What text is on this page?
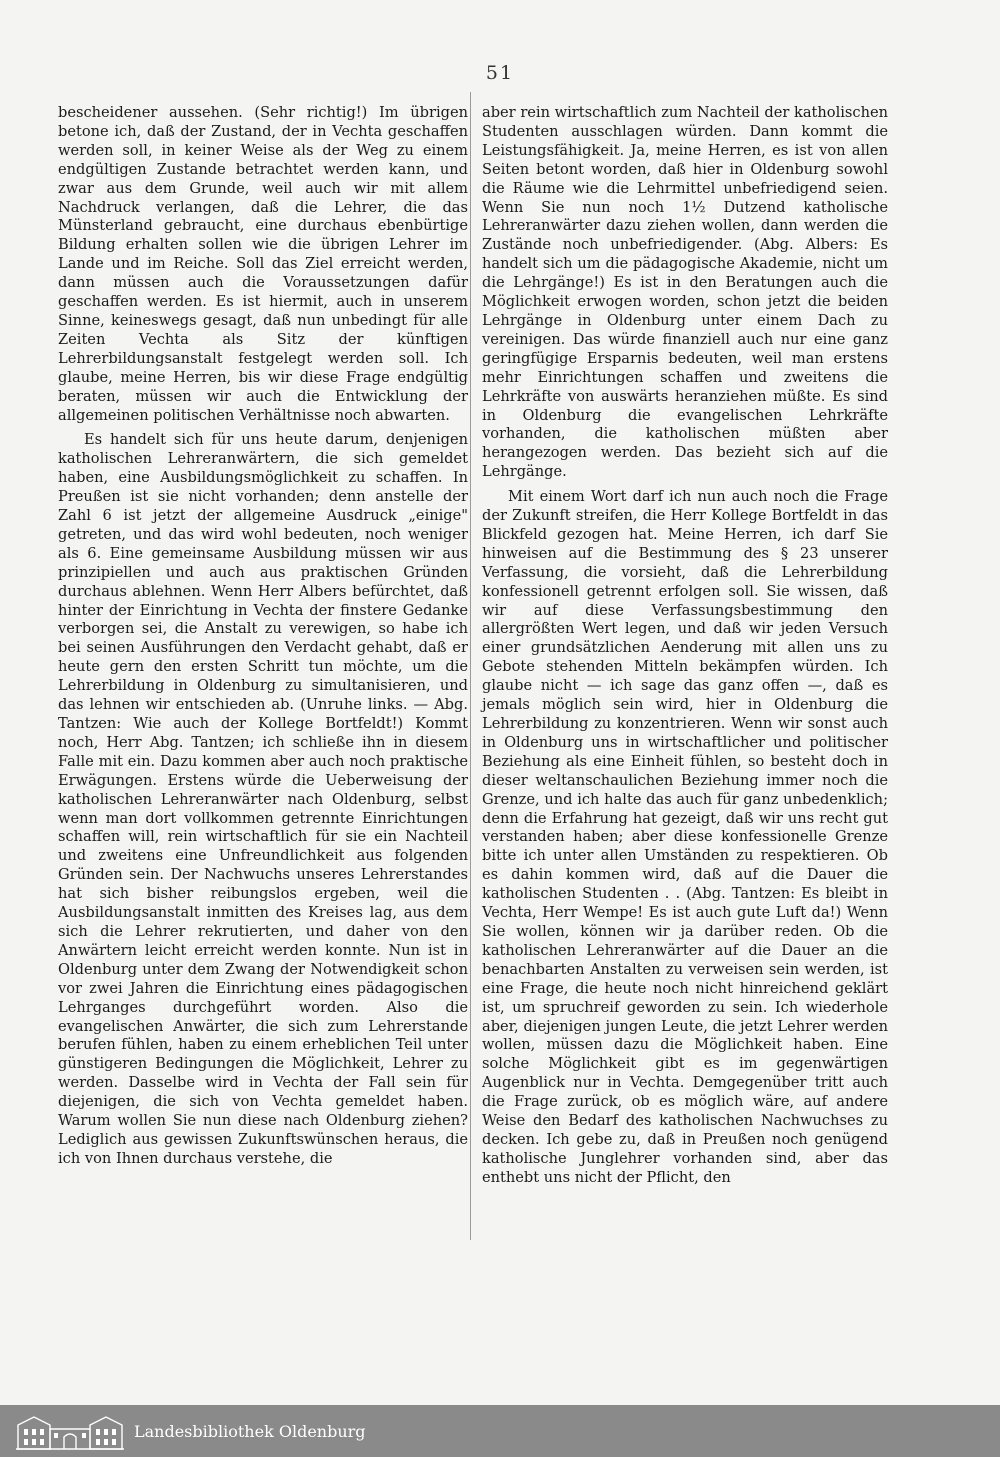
51

bescheidener aussehen. (Sehr richtig!) Im übrigen betone ich, daß der Zustand, der in Vechta geschaffen werden soll, in keiner Weise als der Weg zu einem endgültigen Zustande betrachtet werden kann, und zwar aus dem Grunde, weil auch wir mit allem Nachdruck verlangen, daß die Lehrer, die das Münsterland gebraucht, eine durchaus ebenbürtige Bildung erhalten sollen wie die übrigen Lehrer im Lande und im Reiche. Soll das Ziel erreicht werden, dann müssen auch die Voraussetzungen dafür geschaffen werden. Es ist hiermit, auch in unserem Sinne, keineswegs gesagt, daß nun unbedingt für alle Zeiten Vechta als Sitz der künftigen Lehrerbildungsanstalt festgelegt werden soll. Ich glaube, meine Herren, bis wir diese Frage endgültig beraten, müssen wir auch die Entwicklung der allgemeinen politischen Verhältnisse noch abwarten.

Es handelt sich für uns heute darum, denjenigen katholischen Lehreranwärtern, die sich gemeldet haben, eine Ausbildungsmöglichkeit zu schaffen. In Preußen ist sie nicht vorhanden; denn anstelle der Zahl 6 ist jetzt der allgemeine Ausdruck „einige" getreten, und das wird wohl bedeuten, noch weniger als 6. Eine gemeinsame Ausbildung müssen wir aus prinzipiellen und auch aus praktischen Gründen durchaus ablehnen. Wenn Herr Albers befürchtet, daß hinter der Einrichtung in Vechta der finstere Gedanke verborgen sei, die Anstalt zu verewigen, so habe ich bei seinen Ausführungen den Verdacht gehabt, daß er heute gern den ersten Schritt tun möchte, um die Lehrerbildung in Oldenburg zu simultanisieren, und das lehnen wir entschieden ab. (Unruhe links. — Abg. Tantzen: Wie auch der Kollege Bortfeldt!) Kommt noch, Herr Abg. Tantzen; ich schließe ihn in diesem Falle mit ein. Dazu kommen aber auch noch praktische Erwägungen. Erstens würde die Ueberweisung der katholischen Lehreranwärter nach Oldenburg, selbst wenn man dort vollkommen getrennte Einrichtungen schaffen will, rein wirtschaftlich für sie ein Nachteil und zweitens eine Unfreundlichkeit aus folgenden Gründen sein. Der Nachwuchs unseres Lehrerstandes hat sich bisher reibungslos ergeben, weil die Ausbildungsanstalt inmitten des Kreises lag, aus dem sich die Lehrer rekrutierten, und daher von den Anwärtern leicht erreicht werden konnte. Nun ist in Oldenburg unter dem Zwang der Notwendigkeit schon vor zwei Jahren die Einrichtung eines pädagogischen Lehrganges durchgeführt worden. Also die evangelischen Anwärter, die sich zum Lehrerstande berufen fühlen, haben zu einem erheblichen Teil unter günstigeren Bedingungen die Möglichkeit, Lehrer zu werden. Dasselbe wird in Vechta der Fall sein für diejenigen, die sich von Vechta gemeldet haben. Warum wollen Sie nun diese nach Oldenburg ziehen? Lediglich aus gewissen Zukunftswünschen heraus, die ich von Ihnen durchaus verstehe, die

aber rein wirtschaftlich zum Nachteil der katholischen Studenten ausschlagen würden. Dann kommt die Leistungsfähigkeit. Ja, meine Herren, es ist von allen Seiten betont worden, daß hier in Oldenburg sowohl die Räume wie die Lehrmittel unbefriedigend seien. Wenn Sie nun noch 1½ Dutzend katholische Lehreranwärter dazu ziehen wollen, dann werden die Zustände noch unbefriedigender. (Abg. Albers: Es handelt sich um die pädagogische Akademie, nicht um die Lehrgänge!) Es ist in den Beratungen auch die Möglichkeit erwogen worden, schon jetzt die beiden Lehrgänge in Oldenburg unter einem Dach zu vereinigen. Das würde finanziell auch nur eine ganz geringfügige Ersparnis bedeuten, weil man erstens mehr Einrichtungen schaffen und zweitens die Lehrkräfte von auswärts heranziehen müßte. Es sind in Oldenburg die evangelischen Lehrkräfte vorhanden, die katholischen müßten aber herangezogen werden. Das bezieht sich auf die Lehrgänge.

Mit einem Wort darf ich nun auch noch die Frage der Zukunft streifen, die Herr Kollege Bortfeldt in das Blickfeld gezogen hat. Meine Herren, ich darf Sie hinweisen auf die Bestimmung des § 23 unserer Verfassung, die vorsieht, daß die Lehrerbildung konfessionell getrennt erfolgen soll. Sie wissen, daß wir auf diese Verfassungsbestimmung den allergrößten Wert legen, und daß wir jeden Versuch einer grundsätzlichen Aenderung mit allen uns zu Gebote stehenden Mitteln bekämpfen würden. Ich glaube nicht — ich sage das ganz offen —, daß es jemals möglich sein wird, hier in Oldenburg die Lehrerbildung zu konzentrieren. Wenn wir sonst auch in Oldenburg uns in wirtschaftlicher und politischer Beziehung als eine Einheit fühlen, so besteht doch in dieser weltanschaulichen Beziehung immer noch die Grenze, und ich halte das auch für ganz unbedenklich; denn die Erfahrung hat gezeigt, daß wir uns recht gut verstanden haben; aber diese konfessionelle Grenze bitte ich unter allen Umständen zu respektieren. Ob es dahin kommen wird, daß auf die Dauer die katholischen Studenten . . (Abg. Tantzen: Es bleibt in Vechta, Herr Wempe! Es ist auch gute Luft da!) Wenn Sie wollen, können wir ja darüber reden. Ob die katholischen Lehreranwärter auf die Dauer an die benachbarten Anstalten zu verweisen sein werden, ist eine Frage, die heute noch nicht hinreichend geklärt ist, um spruchreif geworden zu sein. Ich wiederhole aber, diejenigen jungen Leute, die jetzt Lehrer werden wollen, müssen dazu die Möglichkeit haben. Eine solche Möglichkeit gibt es im gegenwärtigen Augenblick nur in Vechta. Demgegenüber tritt auch die Frage zurück, ob es möglich wäre, auf andere Weise den Bedarf des katholischen Nachwuchses zu decken. Ich gebe zu, daß in Preußen noch genügend katholische Junglehrer vorhanden sind, aber das enthebt uns nicht der Pflicht, den

Landesbibliothek Oldenburg
